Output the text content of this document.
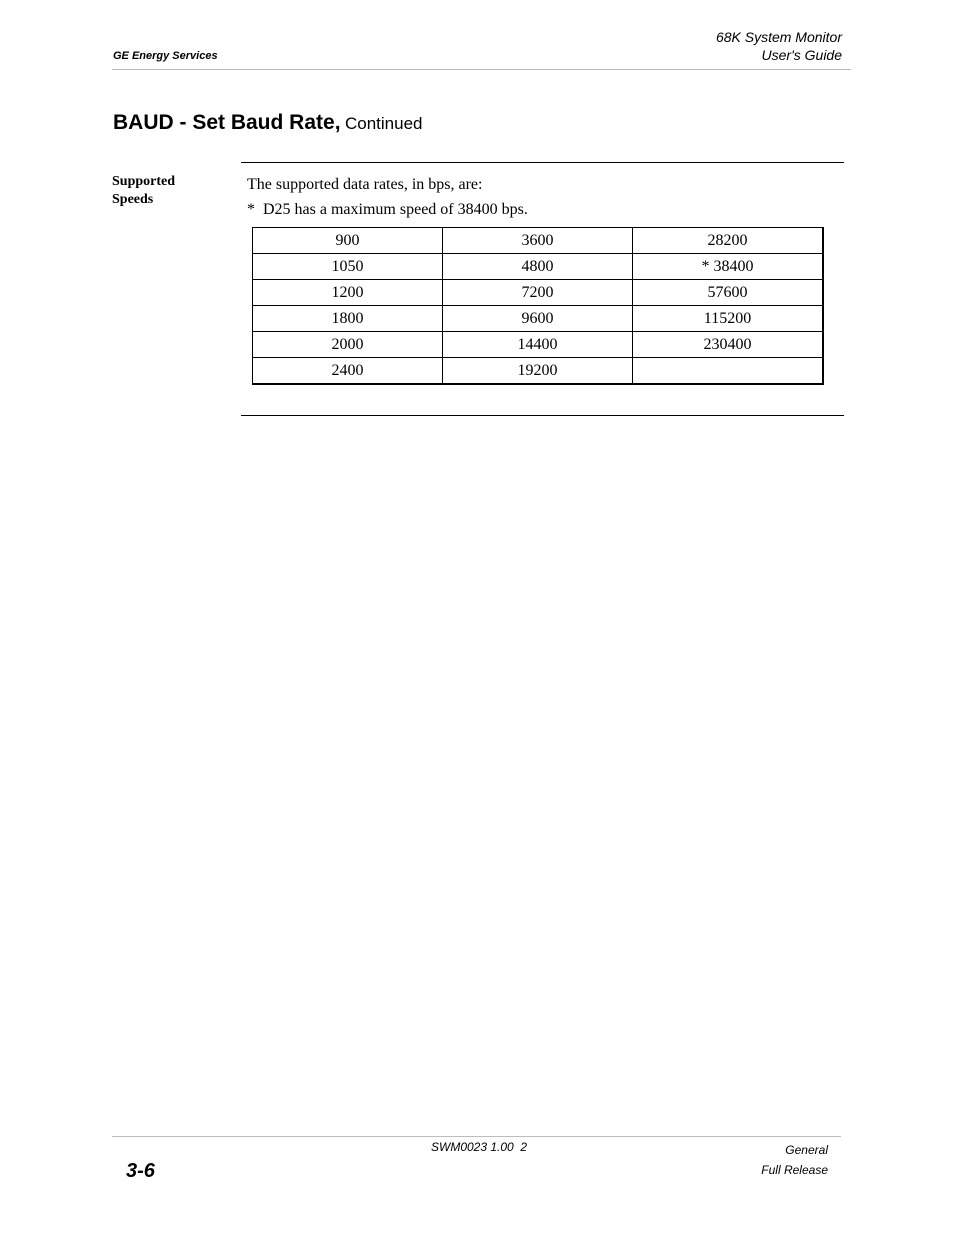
GE Energy Services
68K System Monitor
User's Guide
BAUD - Set Baud Rate, Continued
Supported
Speeds
The supported data rates, in bps, are:
*  D25 has a maximum speed of 38400 bps.
900	3600	28200
1050	4800	* 38400
1200	7200	57600
1800	9600	115200
2000	14400	230400
2400	19200	
3-6
SWM0023 1.00  2	General
Full Release
